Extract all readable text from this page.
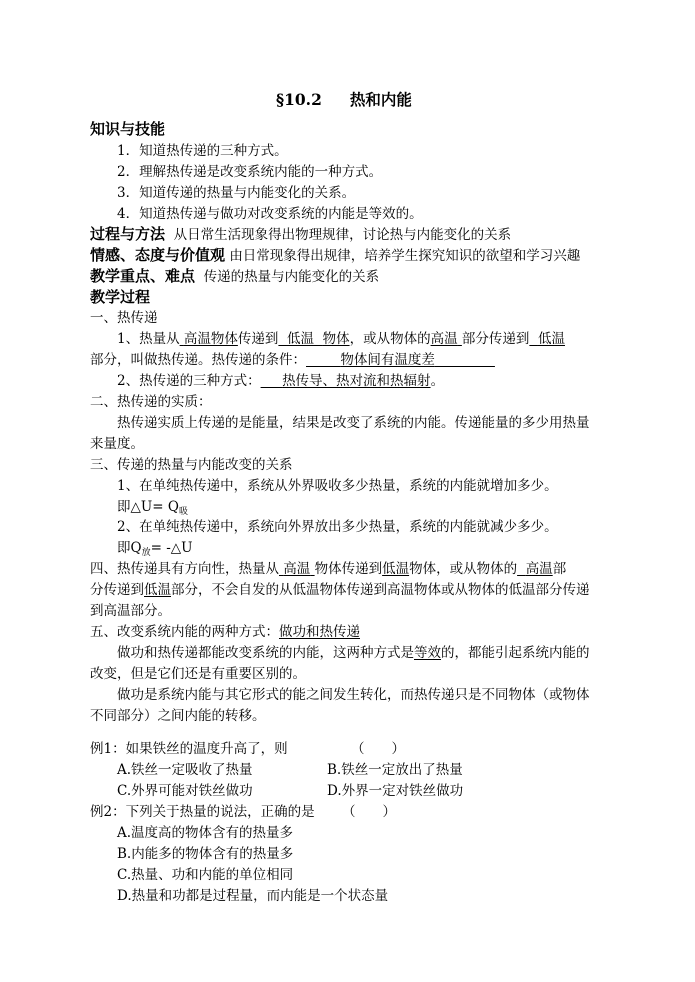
§10.2 热和内能
知识与技能
1．知道热传递的三种方式。
2．理解热传递是改变系统内能的一种方式。
3．知道传递的热量与内能变化的关系。
4．知道热传递与做功对改变系统的内能是等效的。
过程与方法 从日常生活现象得出物理规律，讨论热与内能变化的关系
情感、态度与价值观 由日常现象得出规律，培养学生探究知识的欲望和学习兴趣
教学重点、难点 传递的热量与内能变化的关系
教学过程
一、热传递
1、热量从 高温物体传递到 低温 物体，或从物体的高温 部分传递到 低温
部分，叫做热传递。热传递的条件：	物体间有温度差
2、热传递的三种方式： 热传导、热对流和热辐射。
二、热传递的实质：
热传递实质上传递的是能量，结果是改变了系统的内能。传递能量的多少用热量
来量度。
三、传递的热量与内能改变的关系
1、在单纯热传递中，系统从外界吸收多少热量，系统的内能就增加多少。
即△U= $Q_吸$
2、在单纯热传递中，系统向外界放出多少热量，系统的内能就减少多少。
即$Q_放=$ -△U
四、热传递具有方向性，热量从 高温 物体传递到低温物体，或从物体的 高温部
分传递到低温部分，不会自发的从低温物体传递到高温物体或从物体的低温部分传递
到高温部分。
五、改变系统内能的两种方式：做功和热传递
做功和热传递都能改变系统的内能，这两种方式是等效的，都能引起系统内能的
改变，但是它们还是有重要区别的。
做功是系统内能与其它形式的能之间发生转化，而热传递只是不同物体（或物体
不同部分）之间内能的转移。
例1：如果铁丝的温度升高了，则	（　　）
A.铁丝一定吸收了热量	B.铁丝一定放出了热量
C.外界可能对铁丝做功	D.外界一定对铁丝做功
例2：下列关于热量的说法，正确的是 （　　）
A.温度高的物体含有的热量多
B.内能多的物体含有的热量多
C.热量、功和内能的单位相同
D.热量和功都是过程量，而内能是一个状态量
